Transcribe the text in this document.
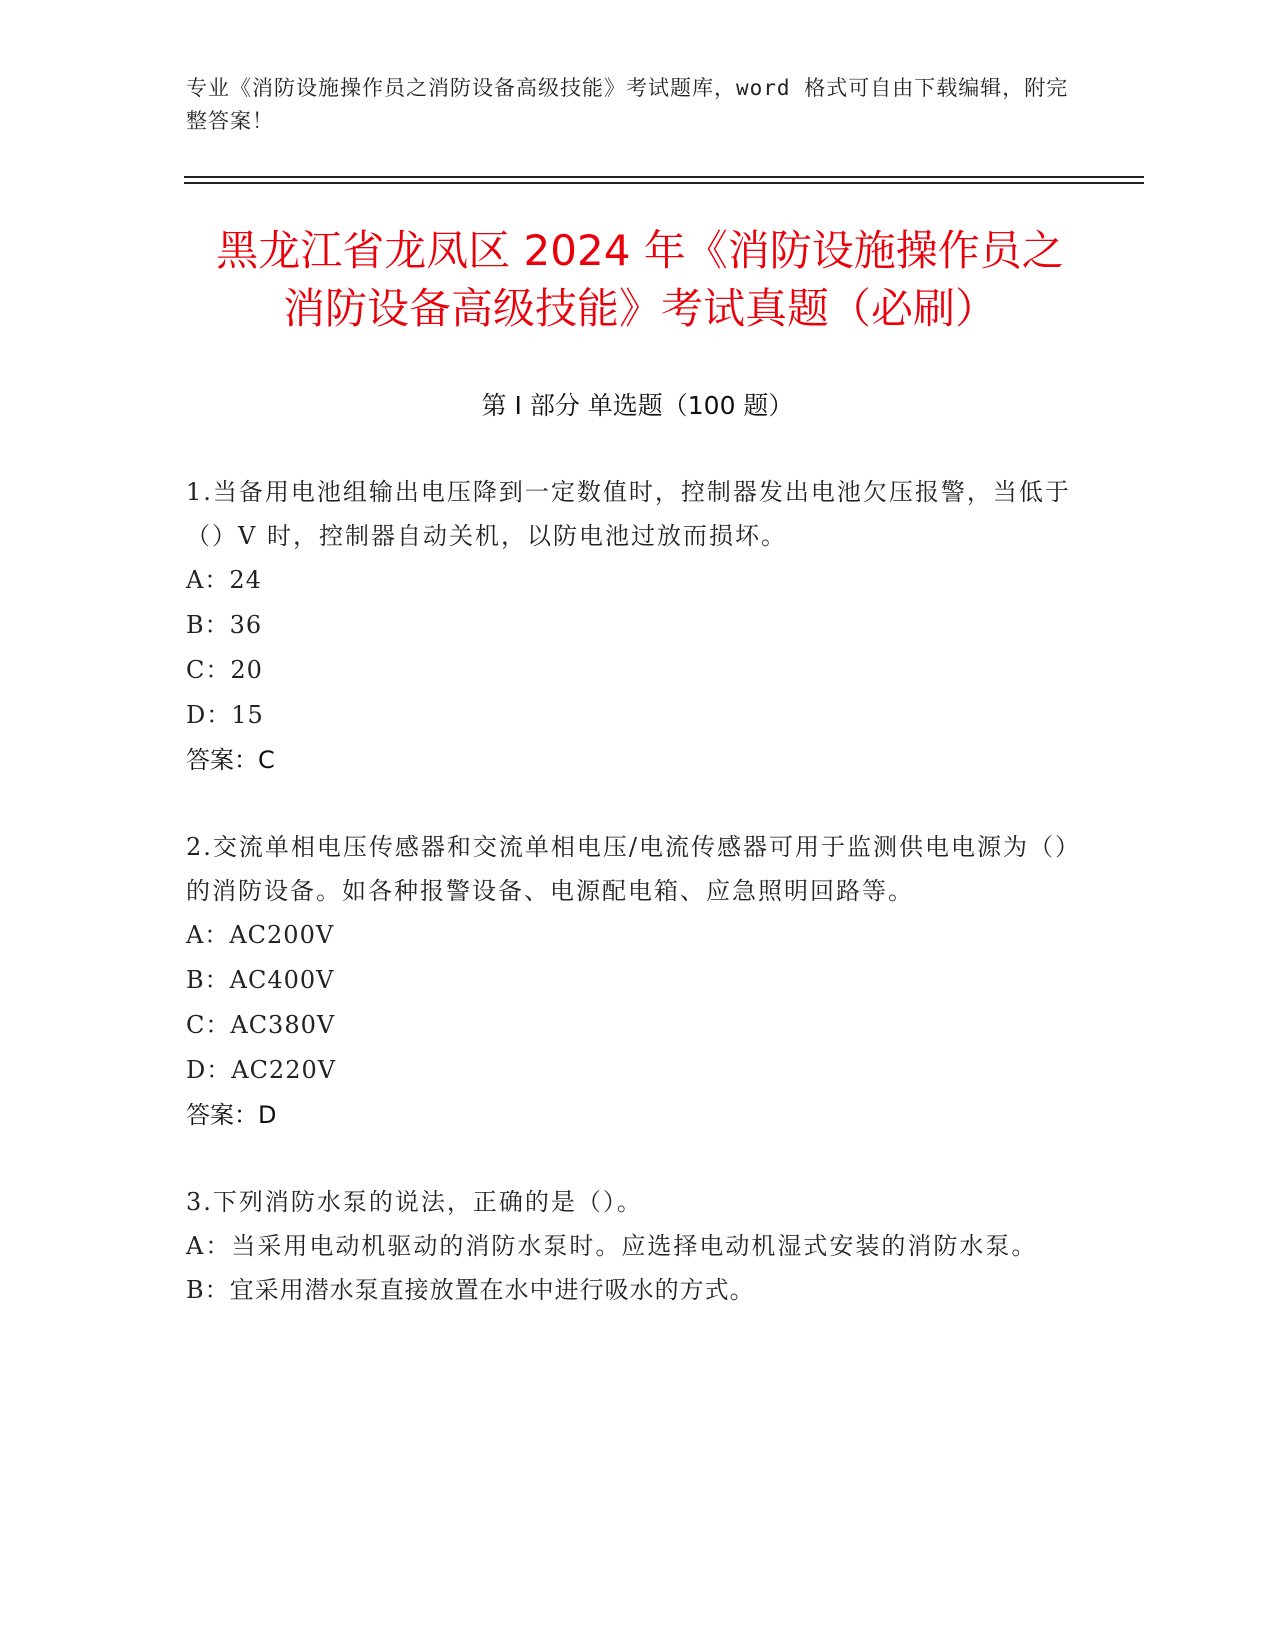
专业《消防设施操作员之消防设备高级技能》考试题库，word 格式可自由下载编辑，附完整答案！
黑龙江省龙凤区 2024 年《消防设施操作员之
消防设备高级技能》考试真题（必刷）
第 I 部分 单选题（100 题）
1.当备用电池组输出电压降到一定数值时，控制器发出电池欠压报警，当低于（）V 时，控制器自动关机，以防电池过放而损坏。
A：24
B：36
C：20
D：15
答案：C
2.交流单相电压传感器和交流单相电压/电流传感器可用于监测供电电源为（）的消防设备。如各种报警设备、电源配电箱、应急照明回路等。
A：AC200V
B：AC400V
C：AC380V
D：AC220V
答案：D
3.下列消防水泵的说法，正确的是（）。
A：当采用电动机驱动的消防水泵时。应选择电动机湿式安装的消防水泵。
B：宜采用潜水泵直接放置在水中进行吸水的方式。
